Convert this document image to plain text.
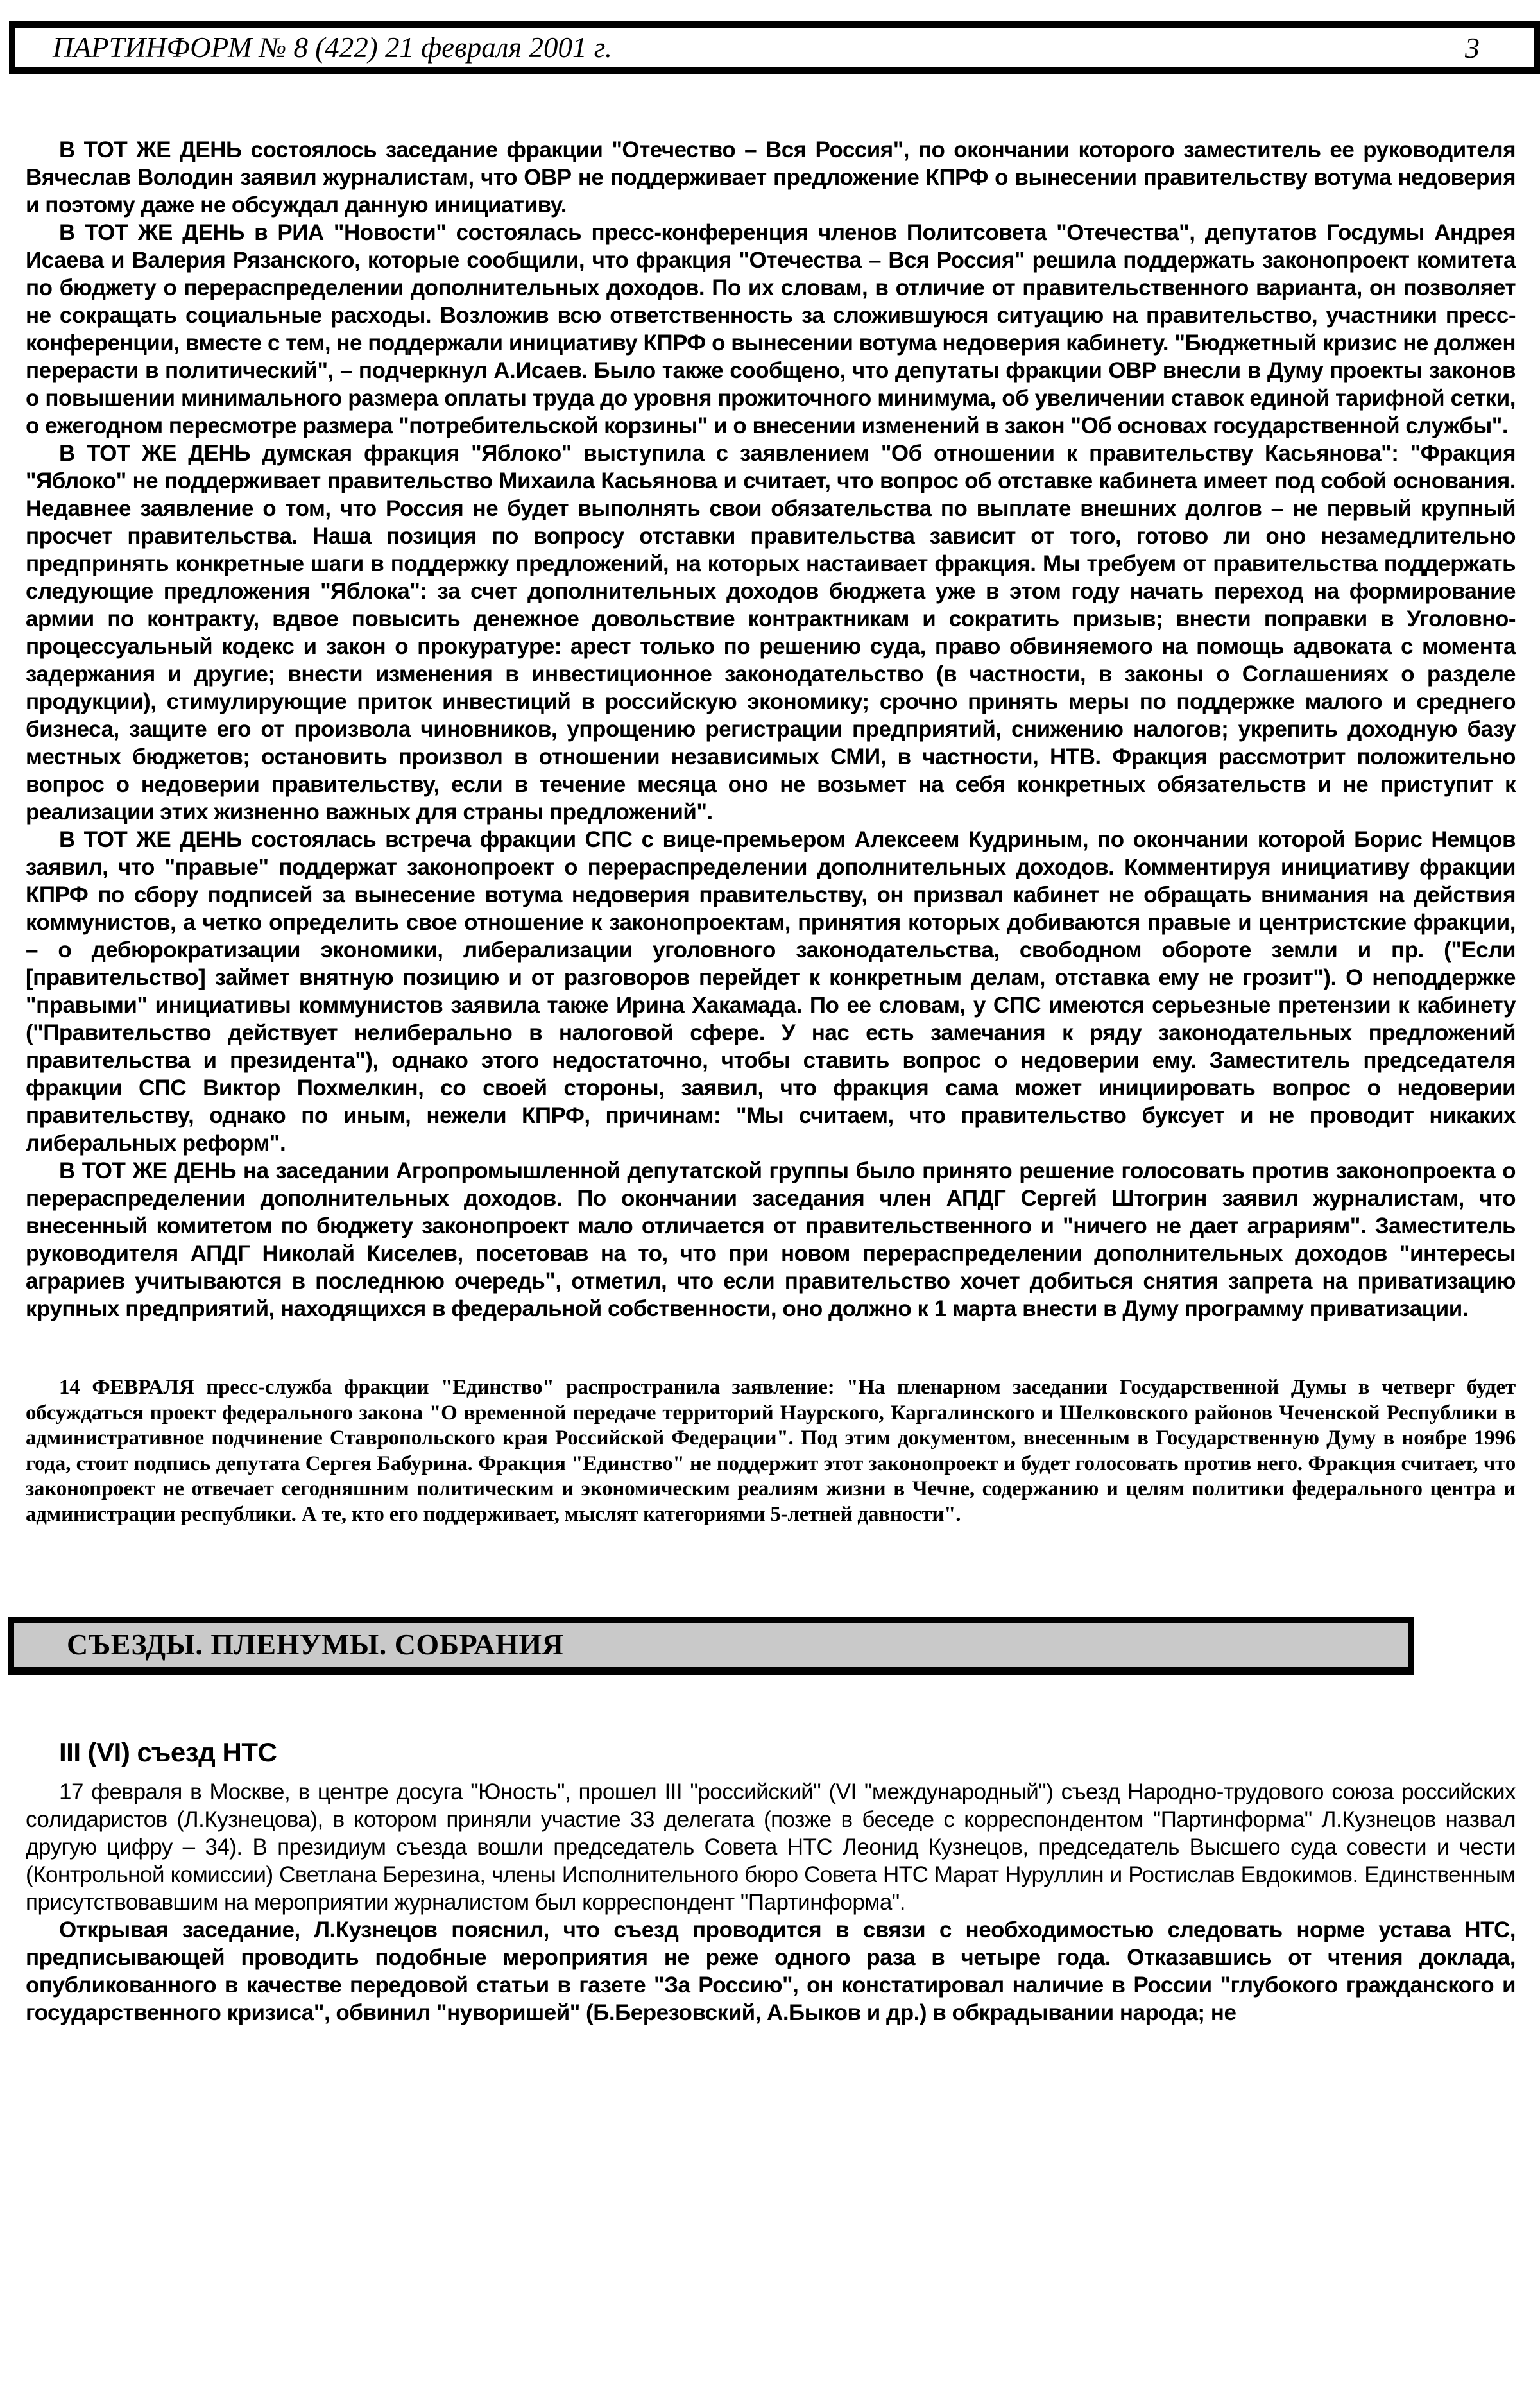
ПАРТИНФОРМ № 8 (422) 21 февраля 2001 г.	3

В ТОТ ЖЕ ДЕНЬ состоялось заседание фракции "Отечество – Вся Россия", по окончании которого заместитель ее руководителя Вячеслав Володин заявил журналистам, что ОВР не поддерживает предложение КПРФ о вынесении правительству вотума недоверия и поэтому даже не обсуждал данную инициативу.

В ТОТ ЖЕ ДЕНЬ в РИА "Новости" состоялась пресс-конференция членов Политсовета "Отечества", депутатов Госдумы Андрея Исаева и Валерия Рязанского, которые сообщили, что фракция "Отечества – Вся Россия" решила поддержать законопроект комитета по бюджету о перераспределении дополнительных доходов. По их словам, в отличие от правительственного варианта, он позволяет не сокращать социальные расходы. Возложив всю ответственность за сложившуюся ситуацию на правительство, участники пресс-конференции, вместе с тем, не поддержали инициативу КПРФ о вынесении вотума недоверия кабинету. "Бюджетный кризис не должен перерасти в политический", – подчеркнул А.Исаев. Было также сообщено, что депутаты фракции ОВР внесли в Думу проекты законов о повышении минимального размера оплаты труда до уровня прожиточного минимума, об увеличении ставок единой тарифной сетки, о ежегодном пересмотре размера "потребительской корзины" и о внесении изменений в закон "Об основах государственной службы".

В ТОТ ЖЕ ДЕНЬ думская фракция "Яблоко" выступила с заявлением "Об отношении к правительству Касьянова": "Фракция "Яблоко" не поддерживает правительство Михаила Касьянова и считает, что вопрос об отставке кабинета имеет под собой основания. Недавнее заявление о том, что Россия не будет выполнять свои обязательства по выплате внешних долгов – не первый крупный просчет правительства. Наша позиция по вопросу отставки правительства зависит от того, готово ли оно незамедлительно предпринять конкретные шаги в поддержку предложений, на которых настаивает фракция. Мы требуем от правительства поддержать следующие предложения "Яблока": за счет дополнительных доходов бюджета уже в этом году начать переход на формирование армии по контракту, вдвое повысить денежное довольствие контрактникам и сократить призыв; внести поправки в Уголовно-процессуальный кодекс и закон о прокуратуре: арест только по решению суда, право обвиняемого на помощь адвоката с момента задержания и другие; внести изменения в инвестиционное законодательство (в частности, в законы о Соглашениях о разделе продукции), стимулирующие приток инвестиций в российскую экономику; срочно принять меры по поддержке малого и среднего бизнеса, защите его от произвола чиновников, упрощению регистрации предприятий, снижению налогов; укрепить доходную базу местных бюджетов; остановить произвол в отношении независимых СМИ, в частности, НТВ. Фракция рассмотрит положительно вопрос о недоверии правительству, если в течение месяца оно не возьмет на себя конкретных обязательств и не приступит к реализации этих жизненно важных для страны предложений".

В ТОТ ЖЕ ДЕНЬ состоялась встреча фракции СПС с вице-премьером Алексеем Кудриным, по окончании которой Борис Немцов заявил, что "правые" поддержат законопроект о перераспределении дополнительных доходов. Комментируя инициативу фракции КПРФ по сбору подписей за вынесение вотума недоверия правительству, он призвал кабинет не обращать внимания на действия коммунистов, а четко определить свое отношение к законопроектам, принятия которых добиваются правые и центристские фракции, – о дебюрократизации экономики, либерализации уголовного законодательства, свободном обороте земли и пр. ("Если [правительство] займет внятную позицию и от разговоров перейдет к конкретным делам, отставка ему не грозит"). О неподдержке "правыми" инициативы коммунистов заявила также Ирина Хакамада. По ее словам, у СПС имеются серьезные претензии к кабинету ("Правительство действует нелиберально в налоговой сфере. У нас есть замечания к ряду законодательных предложений правительства и президента"), однако этого недостаточно, чтобы ставить вопрос о недоверии ему. Заместитель председателя фракции СПС Виктор Похмелкин, со своей стороны, заявил, что фракция сама может инициировать вопрос о недоверии правительству, однако по иным, нежели КПРФ, причинам: "Мы считаем, что правительство буксует и не проводит никаких либеральных реформ".

В ТОТ ЖЕ ДЕНЬ на заседании Агропромышленной депутатской группы было принято решение голосовать против законопроекта о перераспределении дополнительных доходов. По окончании заседания член АПДГ Сергей Штогрин заявил журналистам, что внесенный комитетом по бюджету законопроект мало отличается от правительственного и "ничего не дает аграриям". Заместитель руководителя АПДГ Николай Киселев, посетовав на то, что при новом перераспределении дополнительных доходов "интересы аграриев учитываются в последнюю очередь", отметил, что если правительство хочет добиться снятия запрета на приватизацию крупных предприятий, находящихся в федеральной собственности, оно должно к 1 марта внести в Думу программу приватизации.

14 ФЕВРАЛЯ пресс-служба фракции "Единство" распространила заявление: "На пленарном заседании Государственной Думы в четверг будет обсуждаться проект федерального закона "О временной передаче территорий Наурского, Каргалинского и Шелковского районов Чеченской Республики в административное подчинение Ставропольского края Российской Федерации". Под этим документом, внесенным в Государственную Думу в ноябре 1996 года, стоит подпись депутата Сергея Бабурина. Фракция "Единство" не поддержит этот законопроект и будет голосовать против него. Фракция считает, что законопроект не отвечает сегодняшним политическим и экономическим реалиям жизни в Чечне, содержанию и целям политики федерального центра и администрации республики. А те, кто его поддерживает, мыслят категориями 5-летней давности".

СЪЕЗДЫ. ПЛЕНУМЫ. СОБРАНИЯ
III (VI) съезд НТС

17 февраля в Москве, в центре досуга "Юность", прошел III "российский" (VI "международный") съезд Народно-трудового союза российских солидаристов (Л.Кузнецова), в котором приняли участие 33 делегата (позже в беседе с корреспондентом "Партинформа" Л.Кузнецов назвал другую цифру – 34). В президиум съезда вошли председатель Совета НТС Леонид Кузнецов, председатель Высшего суда совести и чести (Контрольной комиссии) Светлана Березина, члены Исполнительного бюро Совета НТС Марат Нуруллин и Ростислав Евдокимов. Единственным присутствовавшим на мероприятии журналистом был корреспондент "Партинформа".

Открывая заседание, Л.Кузнецов пояснил, что съезд проводится в связи с необходимостью следовать норме устава НТС, предписывающей проводить подобные мероприятия не реже одного раза в четыре года. Отказавшись от чтения доклада, опубликованного в качестве передовой статьи в газете "За Россию", он констатировал наличие в России "глубокого гражданского и государственного кризиса", обвинил "нуворишей" (Б.Березовский, А.Быков и др.) в обкрадывании народа; не
